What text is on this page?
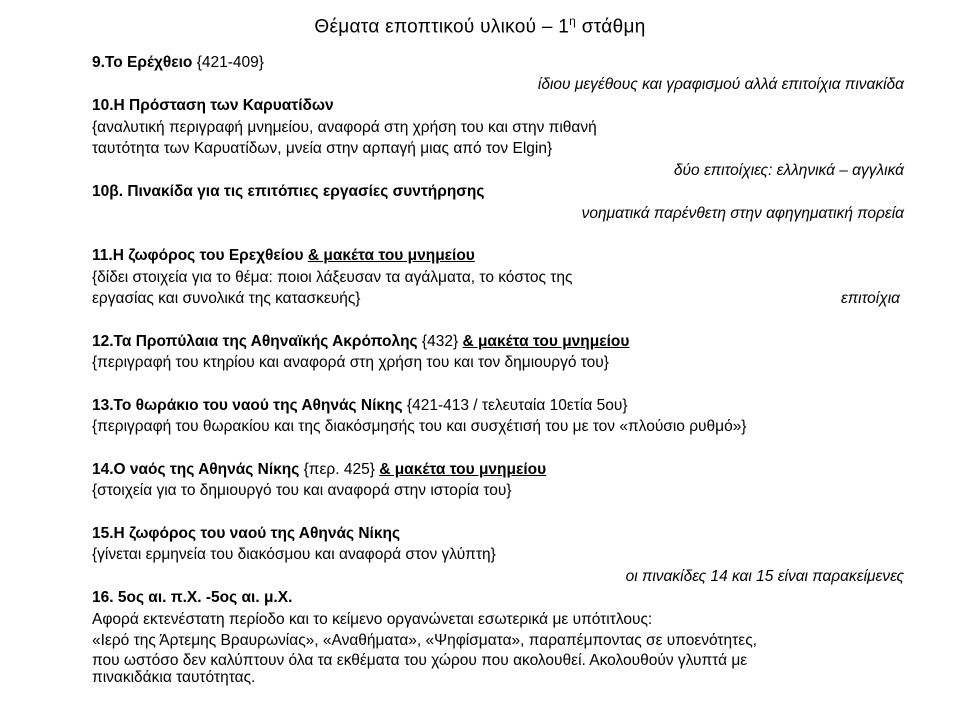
Θέματα εποπτικού υλικού – $1^\eta$ στάθμη
9.Το Ερέχθειο {421-409}
ίδιου μεγέθους και γραφισμού αλλά επιτοίχια πινακίδα
10.Η Πρόσταση των Καρυατίδων
{αναλυτική περιγραφή μνημείου, αναφορά στη χρήση του και στην πιθανή
ταυτότητα των Καρυατίδων, μνεία στην αρπαγή μιας από τον Elgin}
δύο επιτοίχιες: ελληνικά – αγγλικά
10β. Πινακίδα για τις επιτόπιες εργασίες συντήρησης
νοηματικά παρένθετη στην αφηγηματική πορεία
11.Η ζωφόρος του Ερεχθείου & μακέτα του μνημείου
{δίδει στοιχεία για το θέμα: ποιοι λάξευσαν τα αγάλματα, το κόστος της
εργασίας και συνολικά της κατασκευής}	επιτοίχια
12.Τα Προπύλαια της Αθηναϊκής Ακρόπολης {432} & μακέτα του μνημείου
{περιγραφή του κτηρίου και αναφορά στη χρήση του και τον δημιουργό του}
13.Το θωράκιο του ναού της Αθηνάς Νίκης {421-413 / τελευταία 10ετία 5ου}
{περιγραφή του θωρακίου και της διακόσμησής του και συσχέτισή του με τον «πλούσιο ρυθμό»}
14.Ο ναός της Αθηνάς Νίκης {περ. 425} & μακέτα του μνημείου
{στοιχεία για το δημιουργό του και αναφορά στην ιστορία του}
15.Η ζωφόρος του ναού της Αθηνάς Νίκης
{γίνεται ερμηνεία του διακόσμου και αναφορά στον γλύπτη}
οι πινακίδες 14 και 15 είναι παρακείμενες
16. 5ος αι. π.Χ. -5ος αι. μ.Χ.
Αφορά εκτενέστατη περίοδο και το κείμενο οργανώνεται εσωτερικά με υπότιτλους:
«Ιερό της Άρτεμης Βραυρωνίας», «Αναθήματα», «Ψηφίσματα», παραπέμποντας σε υποενότητες,
που ωστόσο δεν καλύπτουν όλα τα εκθέματα του χώρου που ακολουθεί. Ακολουθούν γλυπτά με
πινακιδάκια ταυτότητας.
